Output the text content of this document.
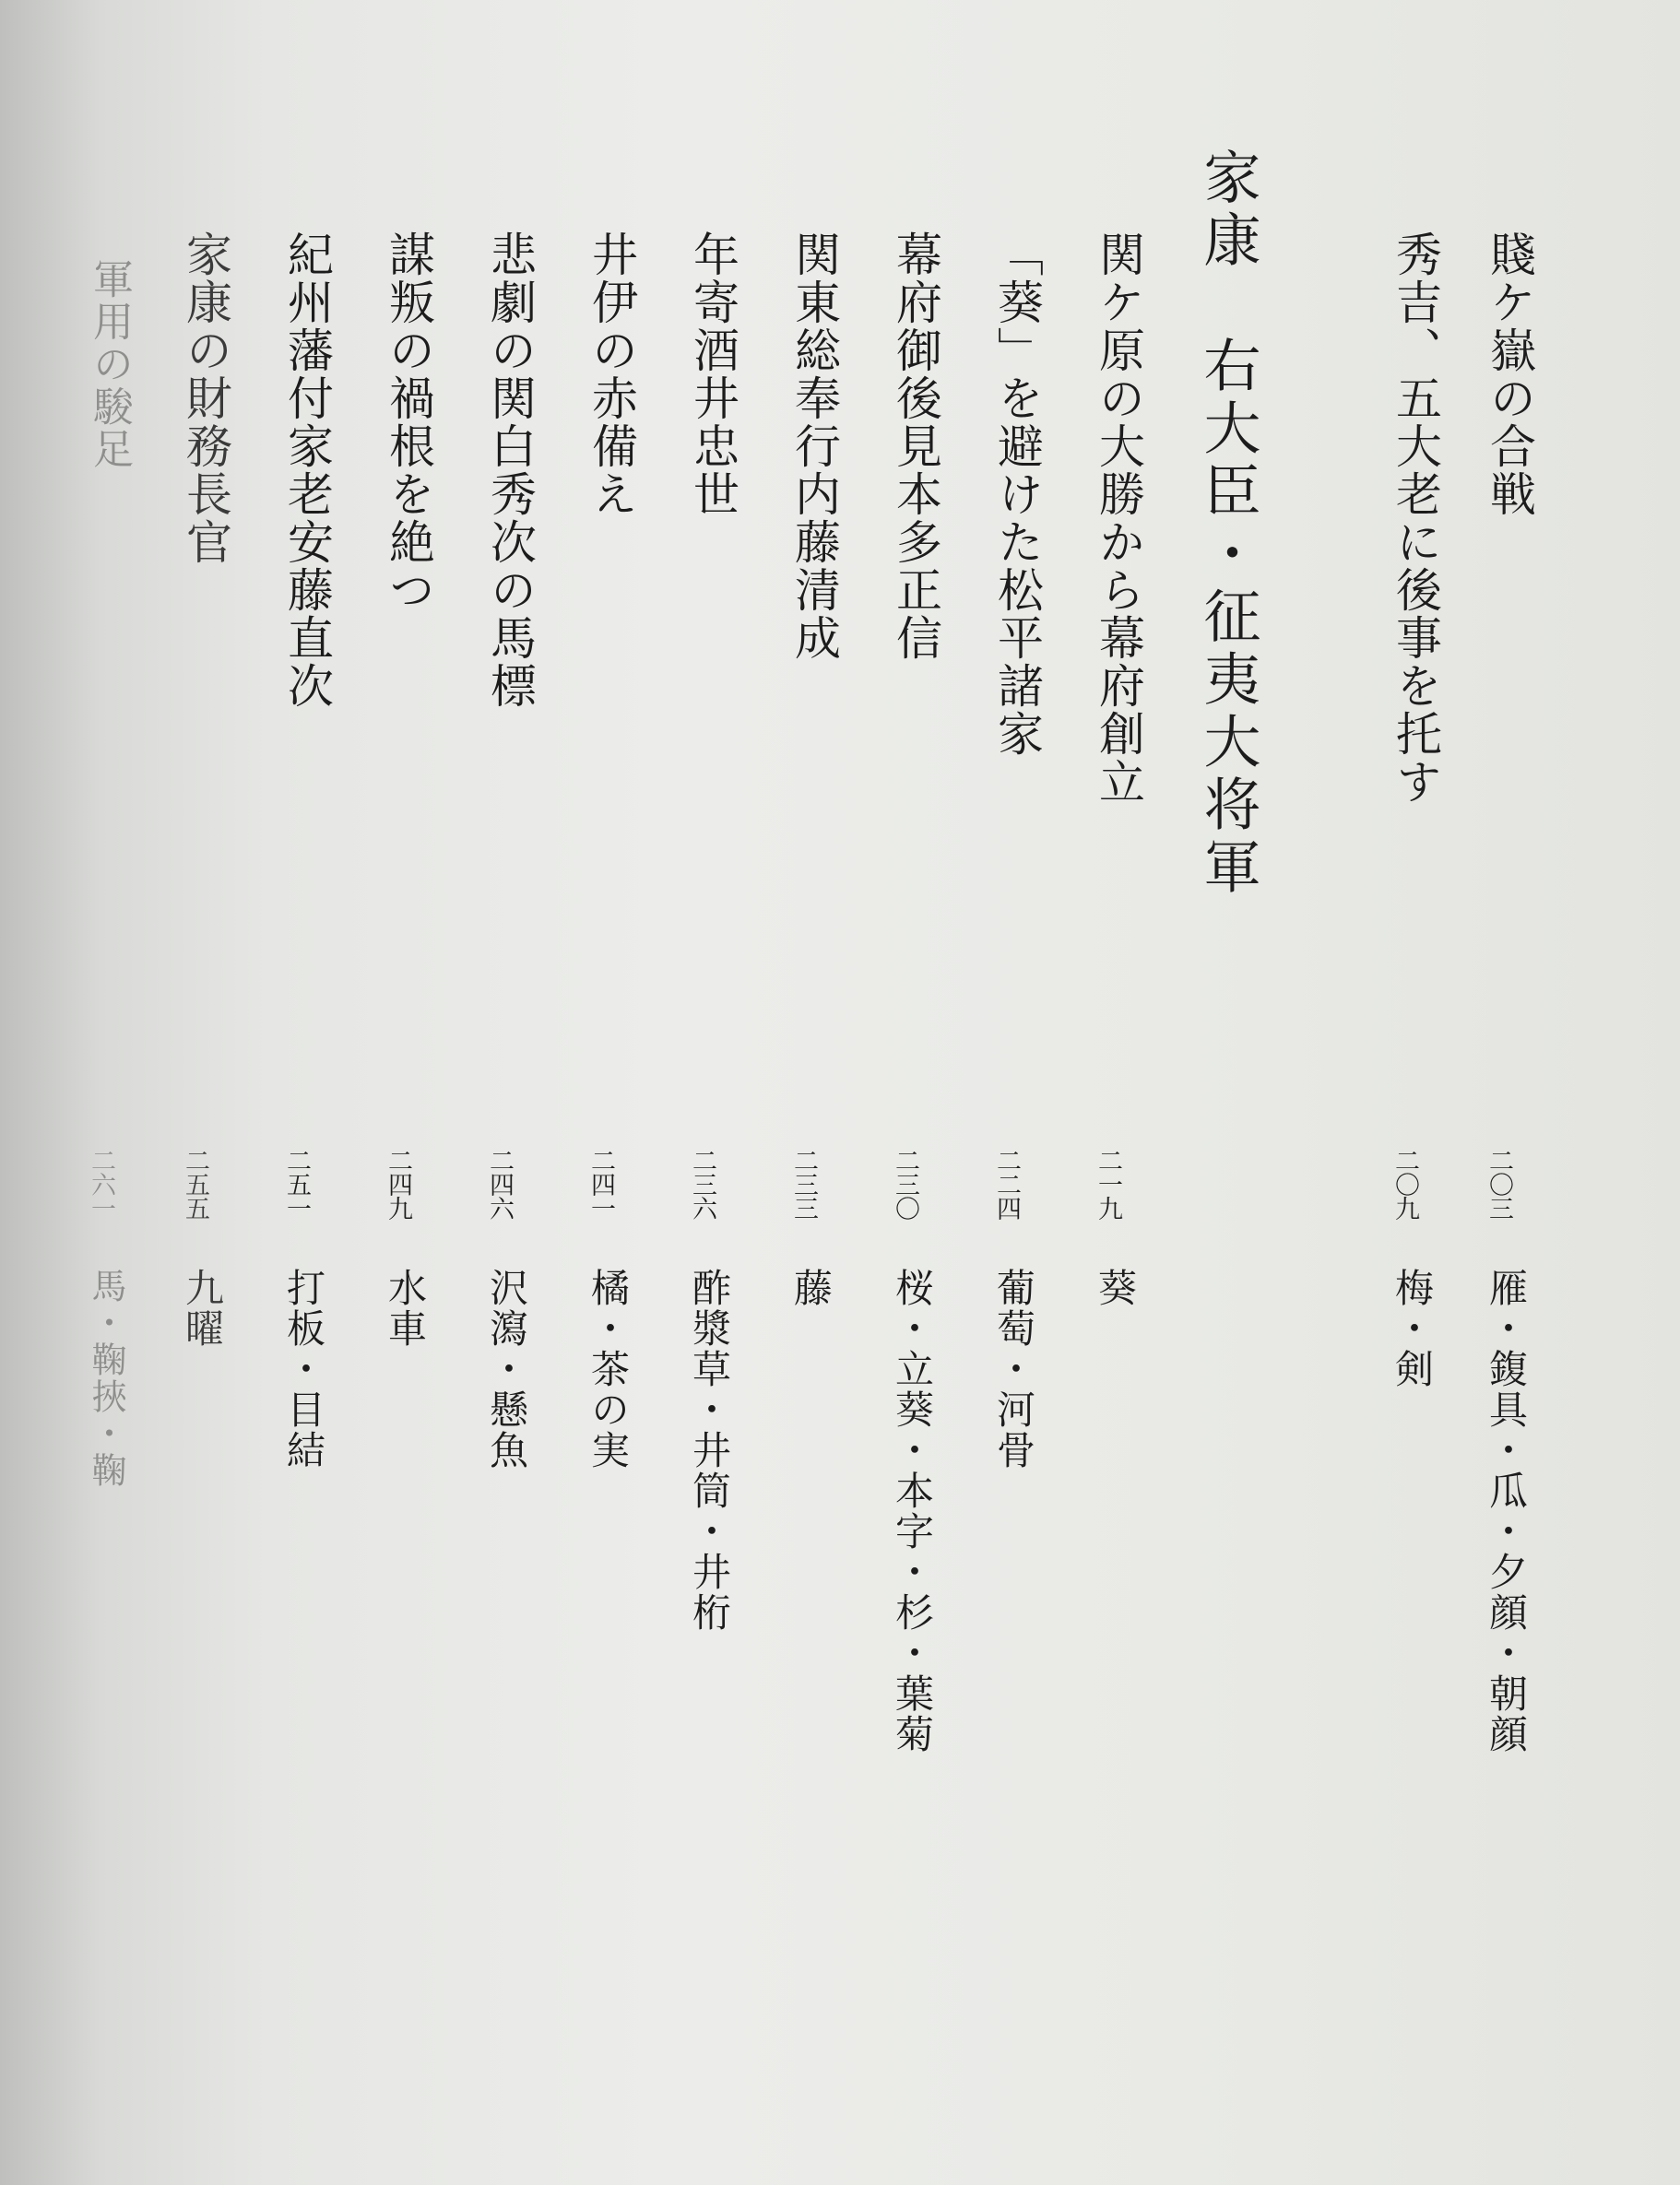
賤ケ嶽の合戦
二〇三
雁・鍑具・瓜・夕顔・朝顔
秀吉、五大老に後事を托す
二〇九
梅・剣
家康　右大臣・征夷大将軍
関ケ原の大勝から幕府創立
二一九
葵
「葵」を避けた松平諸家
二二四
葡萄・河骨
幕府御後見本多正信
二三〇
桜・立葵・本字・杉・葉菊
関東総奉行内藤清成
二三三
藤
年寄酒井忠世
二三六
酢漿草・井筒・井桁
井伊の赤備え
二四一
橘・茶の実
悲劇の関白秀次の馬標
二四六
沢瀉・懸魚
謀叛の禍根を絶つ
二四九
水車
紀州藩付家老安藤直次
二五一
打板・目結
家康の財務長官
二五五
九曜
軍用の駿足
二六一
馬・鞠挾・鞠
